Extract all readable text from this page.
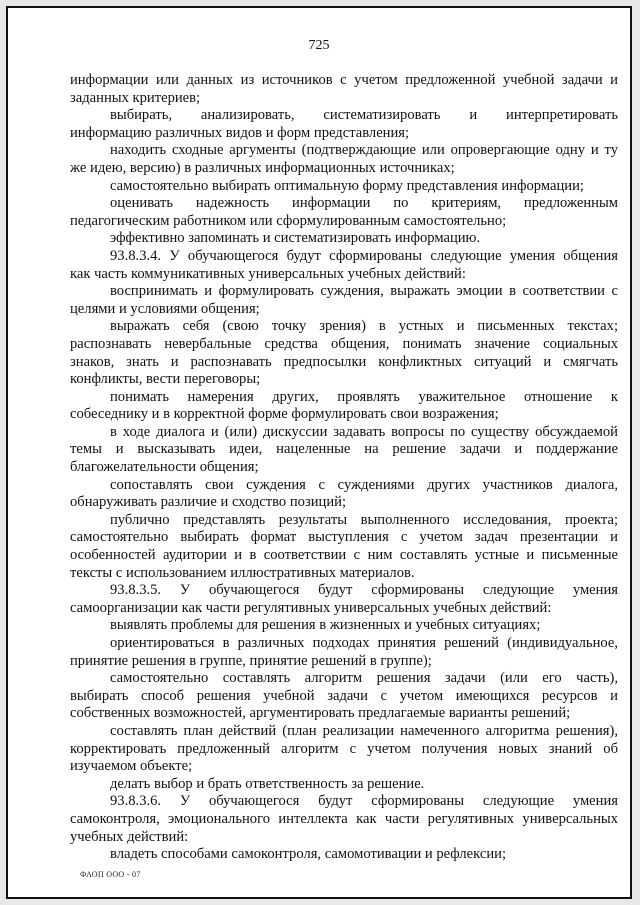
725
информации или данных из источников с учетом предложенной учебной задачи и
заданных критериев;
выбирать, анализировать, систематизировать и интерпретировать
информацию различных видов и форм представления;
находить сходные аргументы (подтверждающие или опровергающие одну и ту
же идею, версию) в различных информационных источниках;
самостоятельно выбирать оптимальную форму представления информации;
оценивать надежность информации по критериям, предложенным
педагогическим работником или сформулированным самостоятельно;
эффективно запоминать и систематизировать информацию.
93.8.3.4. У обучающегося будут сформированы следующие умения общения
как часть коммуникативных универсальных учебных действий:
воспринимать и формулировать суждения, выражать эмоции в соответствии с
целями и условиями общения;
выражать себя (свою точку зрения) в устных и письменных текстах;
распознавать невербальные средства общения, понимать значение социальных
знаков, знать и распознавать предпосылки конфликтных ситуаций и смягчать
конфликты, вести переговоры;
понимать намерения других, проявлять уважительное отношение к
собеседнику и в корректной форме формулировать свои возражения;
в ходе диалога и (или) дискуссии задавать вопросы по существу обсуждаемой
темы и высказывать идеи, нацеленные на решение задачи и поддержание
благожелательности общения;
сопоставлять свои суждения с суждениями других участников диалога,
обнаруживать различие и сходство позиций;
публично представлять результаты выполненного исследования, проекта;
самостоятельно выбирать формат выступления с учетом задач презентации и
особенностей аудитории и в соответствии с ним составлять устные и письменные
тексты с использованием иллюстративных материалов.
93.8.3.5. У обучающегося будут сформированы следующие умения
самоорганизации как части регулятивных универсальных учебных действий:
выявлять проблемы для решения в жизненных и учебных ситуациях;
ориентироваться в различных подходах принятия решений (индивидуальное,
принятие решения в группе, принятие решений в группе);
самостоятельно составлять алгоритм решения задачи (или его часть),
выбирать способ решения учебной задачи с учетом имеющихся ресурсов и
собственных возможностей, аргументировать предлагаемые варианты решений;
составлять план действий (план реализации намеченного алгоритма решения),
корректировать предложенный алгоритм с учетом получения новых знаний об
изучаемом объекте;
делать выбор и брать ответственность за решение.
93.8.3.6. У обучающегося будут сформированы следующие умения
самоконтроля, эмоционального интеллекта как части регулятивных универсальных
учебных действий:
владеть способами самоконтроля, самомотивации и рефлексии;
ФАОП ООО - 07
